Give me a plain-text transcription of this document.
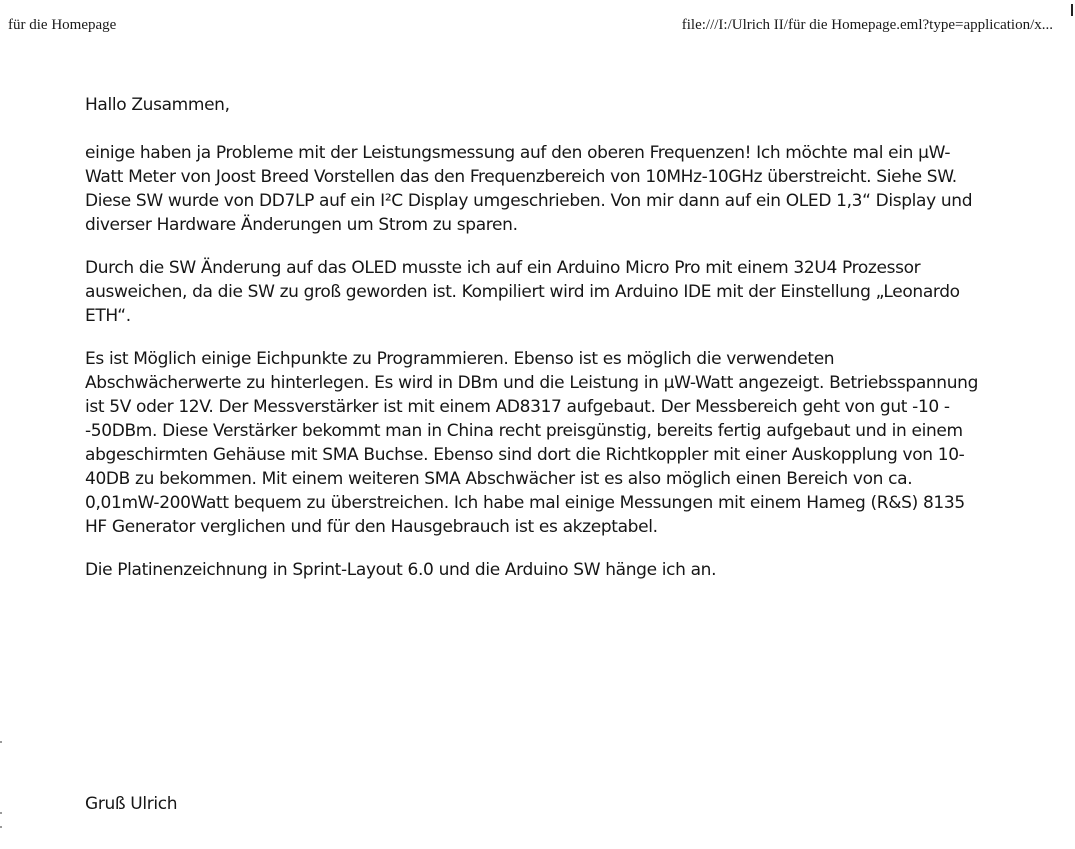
für die Homepage	file:///I:/Ulrich II/für die Homepage.eml?type=application/x...

Hallo Zusammen,

einige haben ja Probleme mit der Leistungsmessung auf den oberen Frequenzen! Ich möchte mal ein µW-Watt Meter von Joost Breed Vorstellen das den Frequenzbereich von 10MHz-10GHz überstreicht. Siehe SW. Diese SW wurde von DD7LP auf ein I²C Display umgeschrieben. Von mir dann auf ein OLED 1,3“ Display und diverser Hardware Änderungen um Strom zu sparen.

Durch die SW Änderung auf das OLED musste ich auf ein Arduino Micro Pro mit einem 32U4 Prozessor ausweichen, da die SW zu groß geworden ist. Kompiliert wird im Arduino IDE mit der Einstellung „Leonardo ETH“.

Es ist Möglich einige Eichpunkte zu Programmieren. Ebenso ist es möglich die verwendeten Abschwächerwerte zu hinterlegen. Es wird in DBm und die Leistung in µW-Watt angezeigt. Betriebsspannung ist 5V oder 12V. Der Messverstärker ist mit einem AD8317 aufgebaut. Der Messbereich geht von gut -10 - -50DBm. Diese Verstärker bekommt man in China recht preisgünstig, bereits fertig aufgebaut und in einem abgeschirmten Gehäuse mit SMA Buchse. Ebenso sind dort die Richtkoppler mit einer Auskopplung von 10-40DB zu bekommen. Mit einem weiteren SMA Abschwächer ist es also möglich einen Bereich von ca. 0,01mW-200Watt bequem zu überstreichen. Ich habe mal einige Messungen mit einem Hameg (R&S) 8135 HF Generator verglichen und für den Hausgebrauch ist es akzeptabel.

Die Platinenzeichnung in Sprint-Layout 6.0 und die Arduino SW hänge ich an.

Gruß Ulrich
